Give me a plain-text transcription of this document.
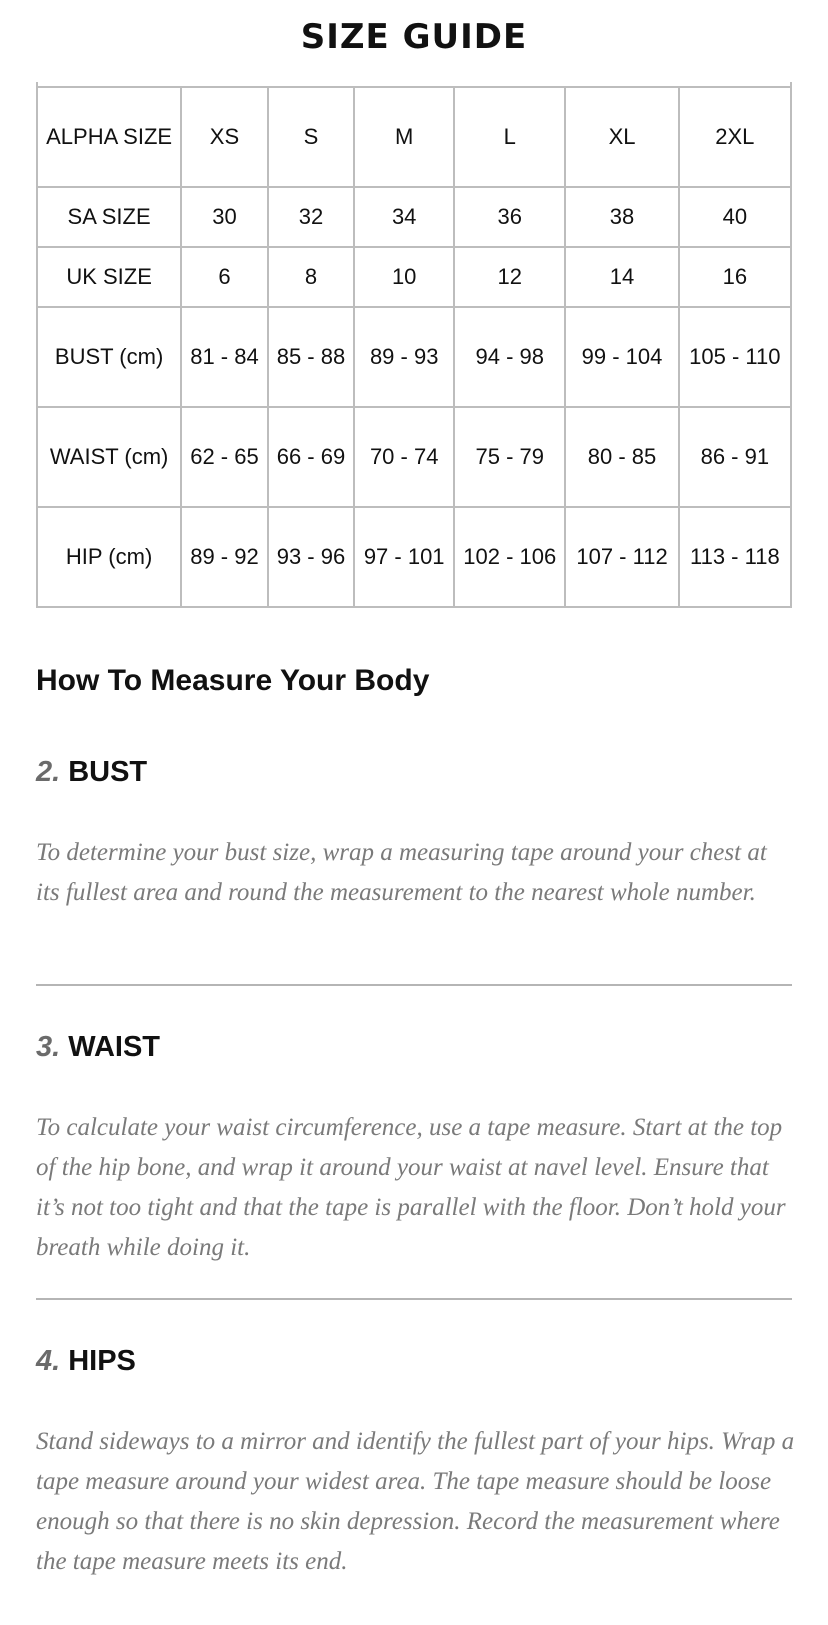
SIZE GUIDE
ALPHA SIZE	XS	S	M	L	XL	2XL
SA SIZE	30	32	34	36	38	40
UK SIZE	6	8	10	12	14	16
BUST (cm)	81 - 84	85 - 88	89 - 93	94 - 98	99 - 104	105 - 110
WAIST (cm)	62 - 65	66 - 69	70 - 74	75 - 79	80 - 85	86 - 91
HIP (cm)	89 - 92	93 - 96	97 - 101	102 - 106	107 - 112	113 - 118
How To Measure Your Body
2. BUST

To determine your bust size, wrap a measuring tape around your chest at its fullest area and round the measurement to the nearest whole number.

3. WAIST

To calculate your waist circumference, use a tape measure. Start at the top of the hip bone, and wrap it around your waist at navel level. Ensure that it’s not too tight and that the tape is parallel with the floor. Don’t hold your breath while doing it.

4. HIPS

Stand sideways to a mirror and identify the fullest part of your hips. Wrap a tape measure around your widest area. The tape measure should be loose enough so that there is no skin depression. Record the measurement where the tape measure meets its end.
